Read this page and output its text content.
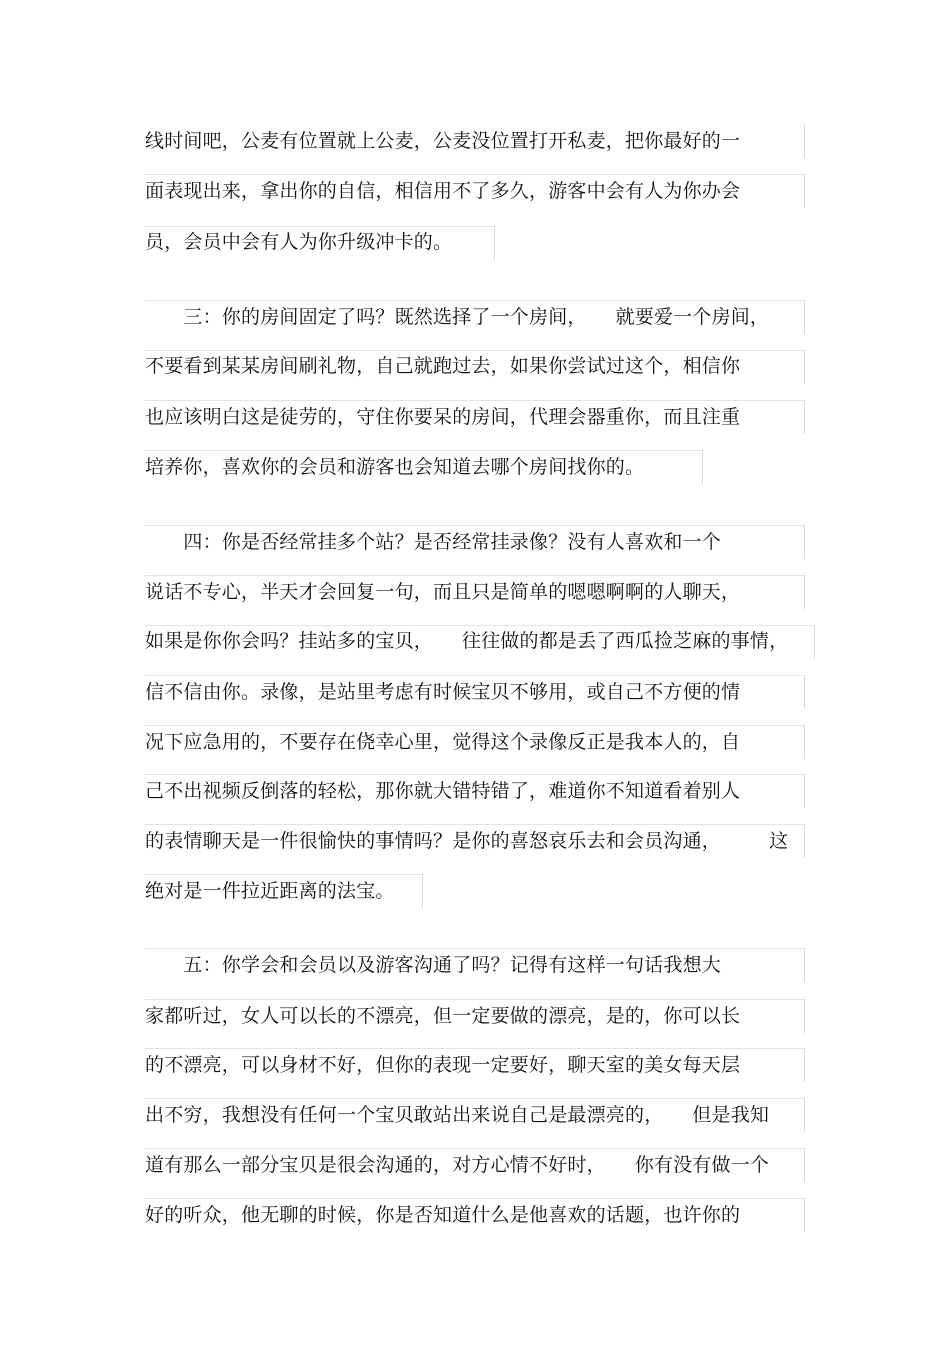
线时间吧，公麦有位置就上公麦，公麦没位置打开私麦，把你最好的一
面表现出来，拿出你的自信，相信用不了多久，游客中会有人为你办会
员，会员中会有人为你升级冲卡的。
　　三：你的房间固定了吗？既然选择了一个房间，　　就要爱一个房间，
不要看到某某房间刷礼物，自己就跑过去，如果你尝试过这个，相信你
也应该明白这是徒劳的，守住你要呆的房间，代理会器重你，而且注重
培养你，喜欢你的会员和游客也会知道去哪个房间找你的。
　　四：你是否经常挂多个站？是否经常挂录像？没有人喜欢和一个
说话不专心，半天才会回复一句，而且只是简单的嗯嗯啊啊的人聊天，
如果是你你会吗？挂站多的宝贝，　　往往做的都是丢了西瓜捡芝麻的事情，
信不信由你。录像，是站里考虑有时候宝贝不够用，或自己不方便的情
况下应急用的，不要存在侥幸心里，觉得这个录像反正是我本人的，自
己不出视频反倒落的轻松，那你就大错特错了，难道你不知道看着别人
的表情聊天是一件很愉快的事情吗？是你的喜怒哀乐去和会员沟通，　　　这
绝对是一件拉近距离的法宝。
　　五：你学会和会员以及游客沟通了吗？记得有这样一句话我想大
家都听过，女人可以长的不漂亮，但一定要做的漂亮，是的，你可以长
的不漂亮，可以身材不好，但你的表现一定要好，聊天室的美女每天层
出不穷，我想没有任何一个宝贝敢站出来说自己是最漂亮的，　　但是我知
道有那么一部分宝贝是很会沟通的，对方心情不好时，　　你有没有做一个
好的听众，他无聊的时候，你是否知道什么是他喜欢的话题，也许你的
